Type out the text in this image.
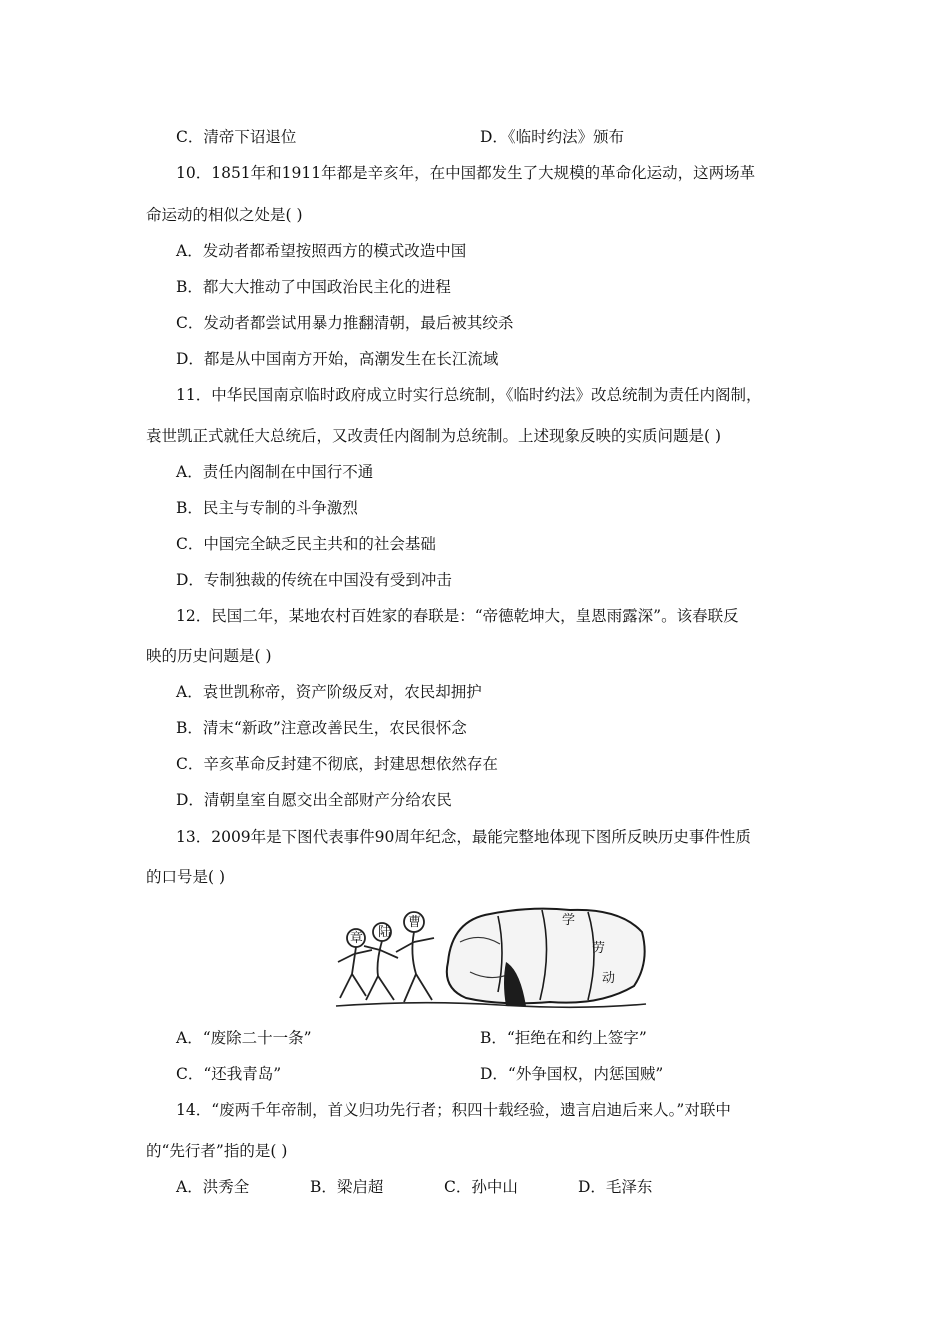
C．清帝下诏退位	D．《临时约法》颁布
10．1851年和1911年都是辛亥年，在中国都发生了大规模的革命化运动，这两场革
命运动的相似之处是( )
A．发动者都希望按照西方的模式改造中国
B．都大大推动了中国政治民主化的进程
C．发动者都尝试用暴力推翻清朝，最后被其绞杀
D．都是从中国南方开始，高潮发生在长江流域
11．中华民国南京临时政府成立时实行总统制，《临时约法》改总统制为责任内阁制，
袁世凯正式就任大总统后，又改责任内阁制为总统制。上述现象反映的实质问题是( )
A．责任内阁制在中国行不通
B．民主与专制的斗争激烈
C．中国完全缺乏民主共和的社会基础
D．专制独裁的传统在中国没有受到冲击
12．民国二年，某地农村百姓家的春联是：“帝德乾坤大，皇恩雨露深”。该春联反
映的历史问题是( )
A．袁世凯称帝，资产阶级反对，农民却拥护
B．清末“新政”注意改善民生，农民很怀念
C．辛亥革命反封建不彻底，封建思想依然存在
D．清朝皇室自愿交出全部财产分给农民
13．2009年是下图代表事件90周年纪念，最能完整地体现下图所反映历史事件性质
的口号是( )
章 陆
曹	学
劳
动
A．“废除二十一条”	B．“拒绝在和约上签字”
C．“还我青岛”	D．“外争国权，内惩国贼”
14．“废两千年帝制，首义归功先行者；积四十载经验，遗言启迪后来人。”对联中
的“先行者”指的是( )
A．洪秀全	B．梁启超	C．孙中山	D．毛泽东
